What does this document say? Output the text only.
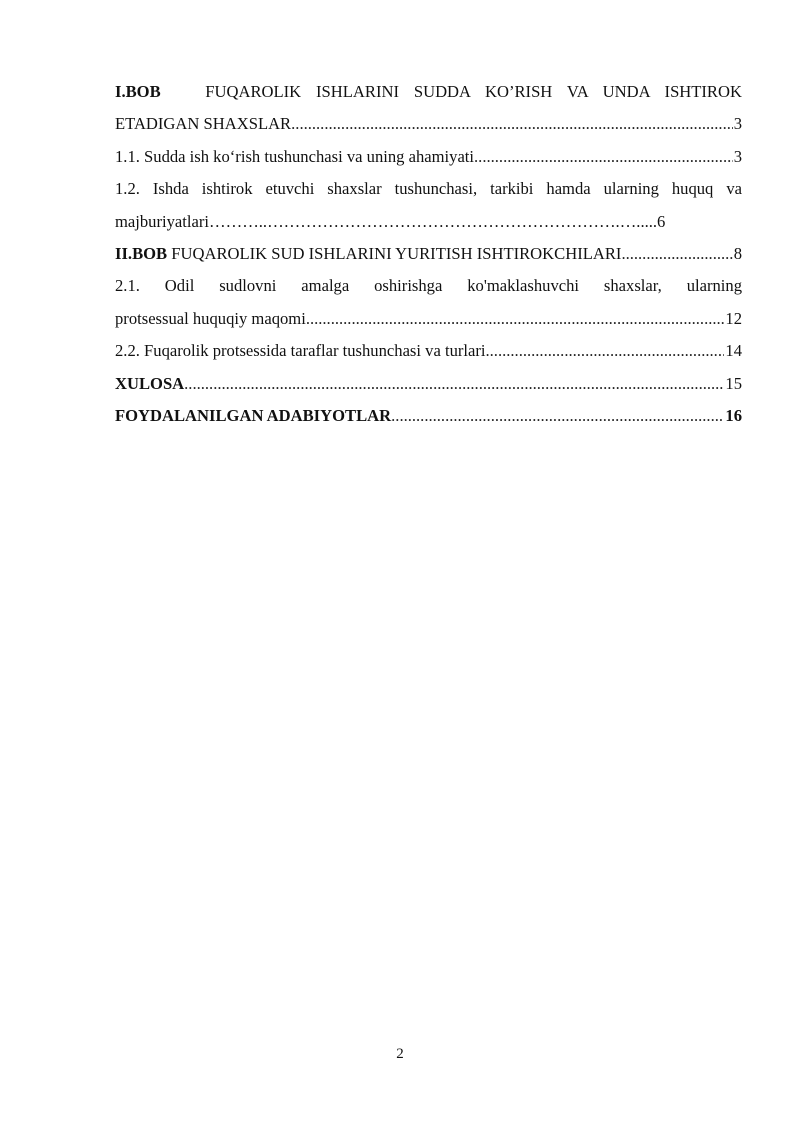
I.BOB	FUQAROLIK ISHLARINI SUDDA KO’RISH VA UNDA ISHTIROK
ETADIGAN SHAXSLAR .....	3
1.1. Sudda ish ko‘rish tushunchasi va uning ahamiyati .....	3
1.2. Ishda ishtirok etuvchi shaxslar tushunchasi, tarkibi hamda ularning huquq va
majburiyatlari………..……………………………………………………….….....6
II.BOB FUQAROLIK SUD ISHLARINI YURITISH ISHTIROKCHILARI .....	8
2.1. Odil sudlovni amalga oshirishga ko'maklashuvchi shaxslar, ularning
protsessual huquqiy maqomi .....	12
2.2. Fuqarolik protsessida taraflar tushunchasi va turlari .....	14
XULOSA .....	15
FOYDALANILGAN ADABIYOTLAR .....	16
2
